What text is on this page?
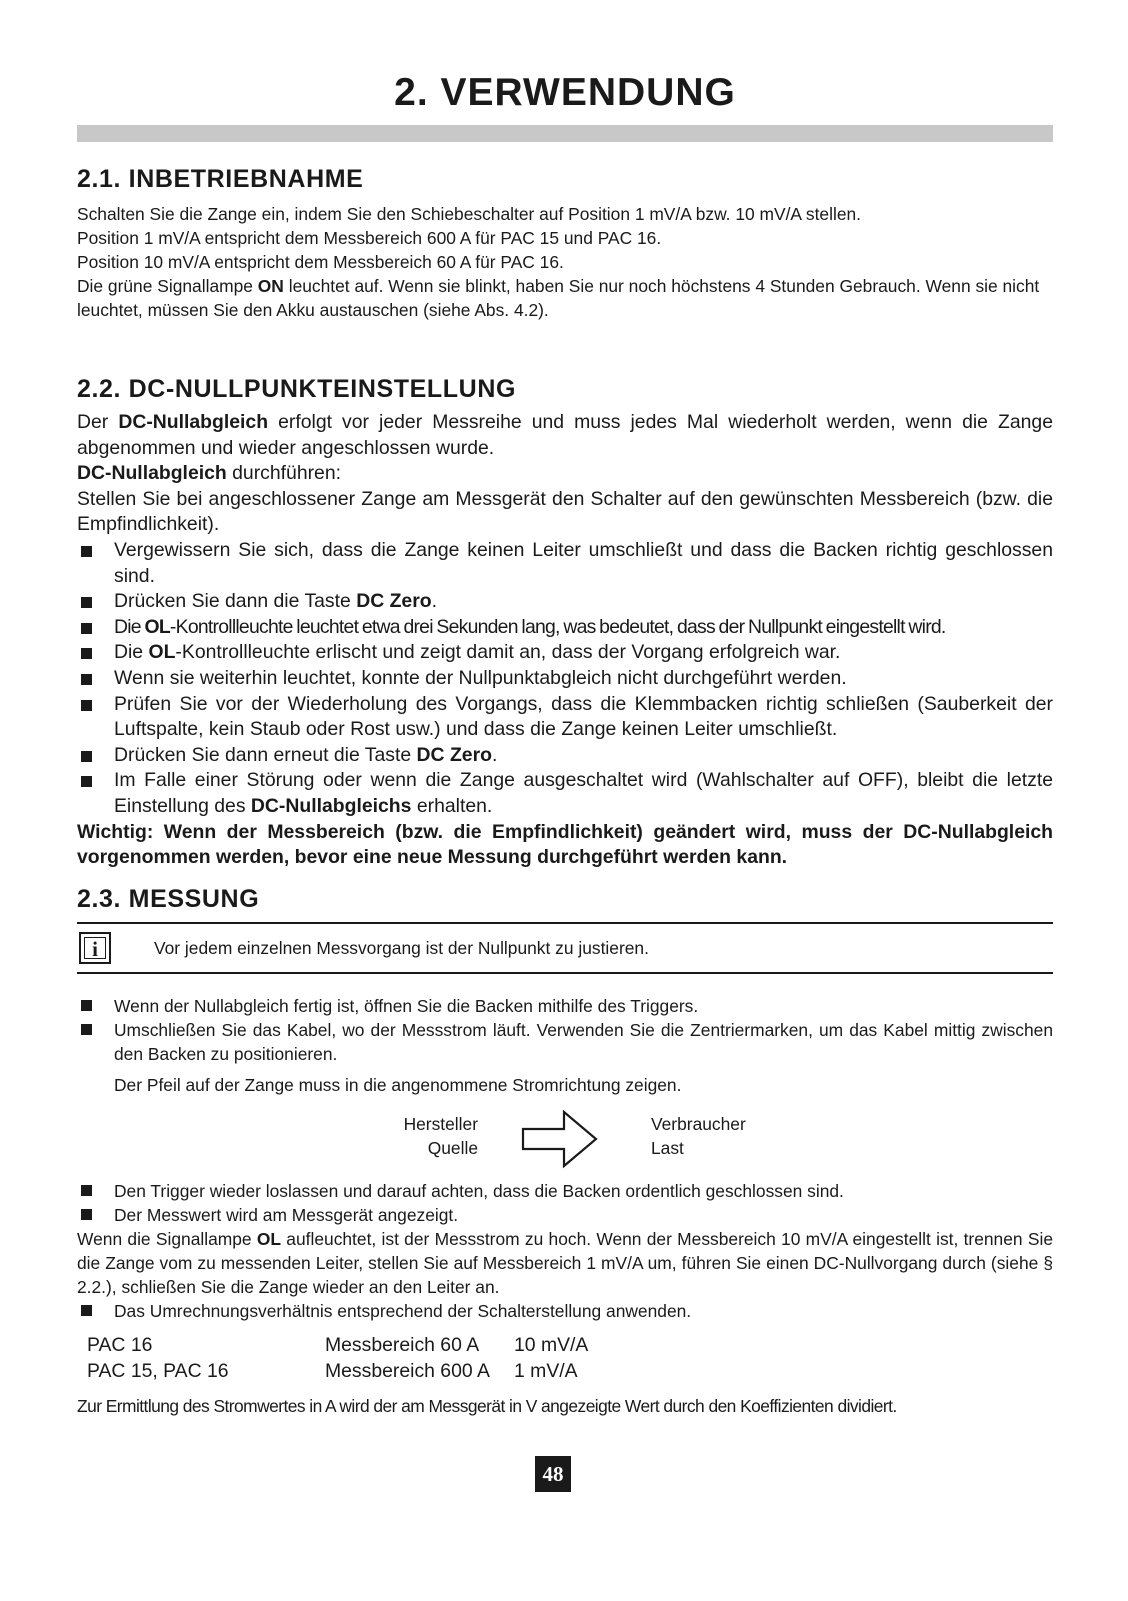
2. VERWENDUNG
2.1. INBETRIEBNAHME

Schalten Sie die Zange ein, indem Sie den Schiebeschalter auf Position 1 mV/A bzw. 10 mV/A stellen.

Position 1 mV/A entspricht dem Messbereich 600 A für PAC 15 und PAC 16.

Position 10 mV/A entspricht dem Messbereich 60 A für PAC 16.

Die grüne Signallampe ON leuchtet auf. Wenn sie blinkt, haben Sie nur noch höchstens 4 Stunden Gebrauch. Wenn sie nicht leuchtet, müssen Sie den Akku austauschen (siehe Abs. 4.2).

2.2. DC-NULLPUNKTEINSTELLUNG

Der DC-Nullabgleich erfolgt vor jeder Messreihe und muss jedes Mal wiederholt werden, wenn die Zange abgenommen und wieder angeschlossen wurde.

DC-Nullabgleich durchführen:

Stellen Sie bei angeschlossener Zange am Messgerät den Schalter auf den gewünschten Messbereich (bzw. die Empfindlichkeit).

Vergewissern Sie sich, dass die Zange keinen Leiter umschließt und dass die Backen richtig geschlossen sind.
Drücken Sie dann die Taste DC Zero.
Die OL-Kontrollleuchte leuchtet etwa drei Sekunden lang, was bedeutet, dass der Nullpunkt eingestellt wird.
Die OL-Kontrollleuchte erlischt und zeigt damit an, dass der Vorgang erfolgreich war.
Wenn sie weiterhin leuchtet, konnte der Nullpunktabgleich nicht durchgeführt werden.
Prüfen Sie vor der Wiederholung des Vorgangs, dass die Klemmbacken richtig schließen (Sauberkeit der Luftspalte, kein Staub oder Rost usw.) und dass die Zange keinen Leiter umschließt.
Drücken Sie dann erneut die Taste DC Zero.
Im Falle einer Störung oder wenn die Zange ausgeschaltet wird (Wahlschalter auf OFF), bleibt die letzte Einstellung des DC-Nullabgleichs erhalten.

Wichtig: Wenn der Messbereich (bzw. die Empfindlichkeit) geändert wird, muss der DC-Nullabgleich vorgenommen werden, bevor eine neue Messung durchgeführt werden kann.

2.3. MESSUNG
i	Vor jedem einzelnen Messvorgang ist der Nullpunkt zu justieren.
Wenn der Nullabgleich fertig ist, öffnen Sie die Backen mithilfe des Triggers.
Umschließen Sie das Kabel, wo der Messstrom läuft. Verwenden Sie die Zentriermarken, um das Kabel mittig zwischen den Backen zu positionieren.

Der Pfeil auf der Zange muss in die angenommene Stromrichtung zeigen.

Hersteller
Quelle
Verbraucher
Last
Den Trigger wieder loslassen und darauf achten, dass die Backen ordentlich geschlossen sind.
Der Messwert wird am Messgerät angezeigt.

Wenn die Signallampe OL aufleuchtet, ist der Messstrom zu hoch. Wenn der Messbereich 10 mV/A eingestellt ist, trennen Sie die Zange vom zu messenden Leiter, stellen Sie auf Messbereich 1 mV/A um, führen Sie einen DC-Nullvorgang durch (siehe § 2.2.), schließen Sie die Zange wieder an den Leiter an.

Das Umrechnungsverhältnis entsprechend der Schalterstellung anwenden.
PAC 16	Messbereich 60 A 10 mV/A
PAC 15, PAC 16	Messbereich 600 A 1 mV/A

Zur Ermittlung des Stromwertes in A wird der am Messgerät in V angezeigte Wert durch den Koeffizienten dividiert.

48
